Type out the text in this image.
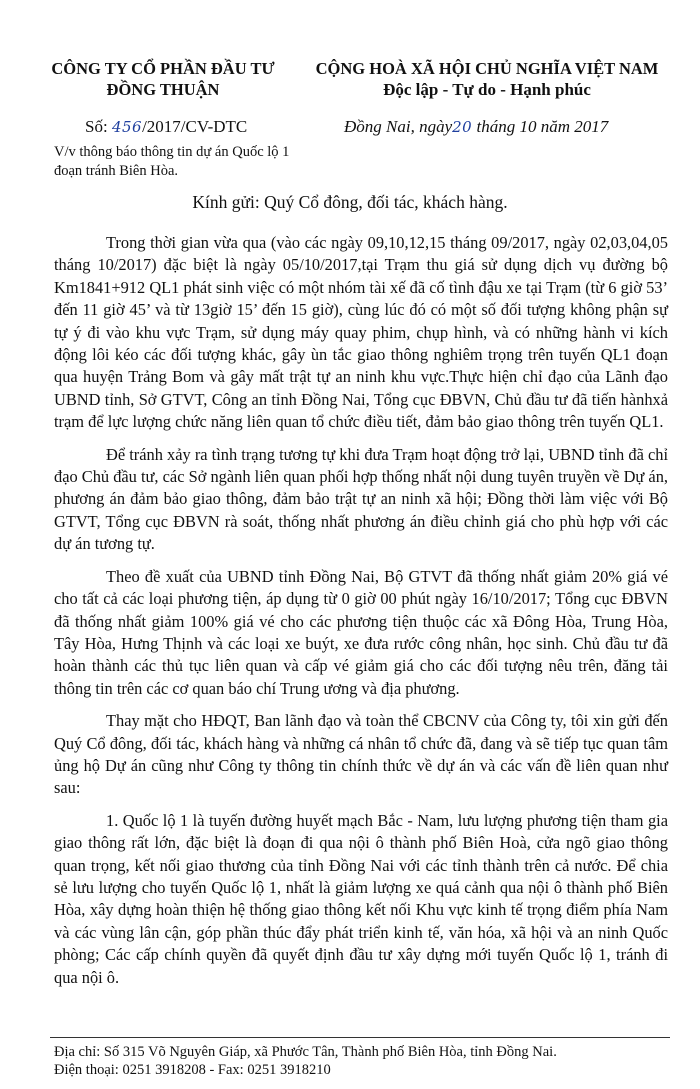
CÔNG TY CỔ PHẦN ĐẦU TƯ
ĐỒNG THUẬN
CỘNG HOÀ XÃ HỘI CHỦ NGHĨA VIỆT NAM
Độc lập - Tự do - Hạnh phúc
Số: 456/2017/CV-DTC	Đồng Nai, ngày20 tháng 10 năm 2017
V/v thông báo thông tin dự án Quốc lộ 1
đoạn tránh Biên Hòa.
Kính gửi: Quý Cổ đông, đối tác, khách hàng.

Trong thời gian vừa qua (vào các ngày 09,10,12,15 tháng 09/2017, ngày 02,03,04,05 tháng 10/2017) đặc biệt là ngày 05/10/2017,tại Trạm thu giá sử dụng dịch vụ đường bộ Km1841+912 QL1 phát sinh việc có một nhóm tài xế đã cố tình đậu xe tại Trạm (từ 6 giờ 53’ đến 11 giờ 45’ và từ 13giờ 15’ đến 15 giờ), cùng lúc đó có một số đối tượng không phận sự tự ý đi vào khu vực Trạm, sử dụng máy quay phim, chụp hình, và có những hành vi kích động lôi kéo các đối tượng khác, gây ùn tắc giao thông nghiêm trọng trên tuyến QL1 đoạn qua huyện Trảng Bom và gây mất trật tự an ninh khu vực.Thực hiện chỉ đạo của Lãnh đạo UBND tỉnh, Sở GTVT, Công an tỉnh Đồng Nai, Tổng cục ĐBVN, Chủ đầu tư đã tiến hànhxả trạm để lực lượng chức năng liên quan tổ chức điều tiết, đảm bảo giao thông trên tuyến QL1.

Để tránh xảy ra tình trạng tương tự khi đưa Trạm hoạt động trở lại, UBND tỉnh đã chỉ đạo Chủ đầu tư, các Sở ngành liên quan phối hợp thống nhất nội dung tuyên truyền về Dự án, phương án đảm bảo giao thông, đảm bảo trật tự an ninh xã hội; Đồng thời làm việc với Bộ GTVT, Tổng cục ĐBVN rà soát, thống nhất phương án điều chỉnh giá cho phù hợp với các dự án tương tự.

Theo đề xuất của UBND tỉnh Đồng Nai, Bộ GTVT đã thống nhất giảm 20% giá vé cho tất cả các loại phương tiện, áp dụng từ 0 giờ 00 phút ngày 16/10/2017; Tổng cục ĐBVN đã thống nhất giảm 100% giá vé cho các phương tiện thuộc các xã Đông Hòa, Trung Hòa, Tây Hòa, Hưng Thịnh và các loại xe buýt, xe đưa rước công nhân, học sinh. Chủ đầu tư đã hoàn thành các thủ tục liên quan và cấp vé giảm giá cho các đối tượng nêu trên, đăng tải thông tin trên các cơ quan báo chí Trung ương và địa phương.

Thay mặt cho HĐQT, Ban lãnh đạo và toàn thể CBCNV của Công ty, tôi xin gửi đến Quý Cổ đông, đối tác, khách hàng và những cá nhân tổ chức đã, đang và sẽ tiếp tục quan tâm ủng hộ Dự án cũng như Công ty thông tin chính thức về dự án và các vấn đề liên quan như sau:

1. Quốc lộ 1 là tuyến đường huyết mạch Bắc - Nam, lưu lượng phương tiện tham gia giao thông rất lớn, đặc biệt là đoạn đi qua nội ô thành phố Biên Hoà, cửa ngõ giao thông quan trọng, kết nối giao thương của tỉnh Đồng Nai với các tỉnh thành trên cả nước. Để chia sẻ lưu lượng cho tuyến Quốc lộ 1, nhất là giảm lượng xe quá cảnh qua nội ô thành phố Biên Hòa, xây dựng hoàn thiện hệ thống giao thông kết nối Khu vực kinh tế trọng điểm phía Nam và các vùng lân cận, góp phần thúc đẩy phát triển kinh tế, văn hóa, xã hội và an ninh Quốc phòng; Các cấp chính quyền đã quyết định đầu tư xây dựng mới tuyến Quốc lộ 1, tránh đi qua nội ô.

Địa chỉ: Số 315 Võ Nguyên Giáp, xã Phước Tân, Thành phố Biên Hòa, tỉnh Đồng Nai.
Điện thoại: 0251 3918208 - Fax: 0251 3918210
